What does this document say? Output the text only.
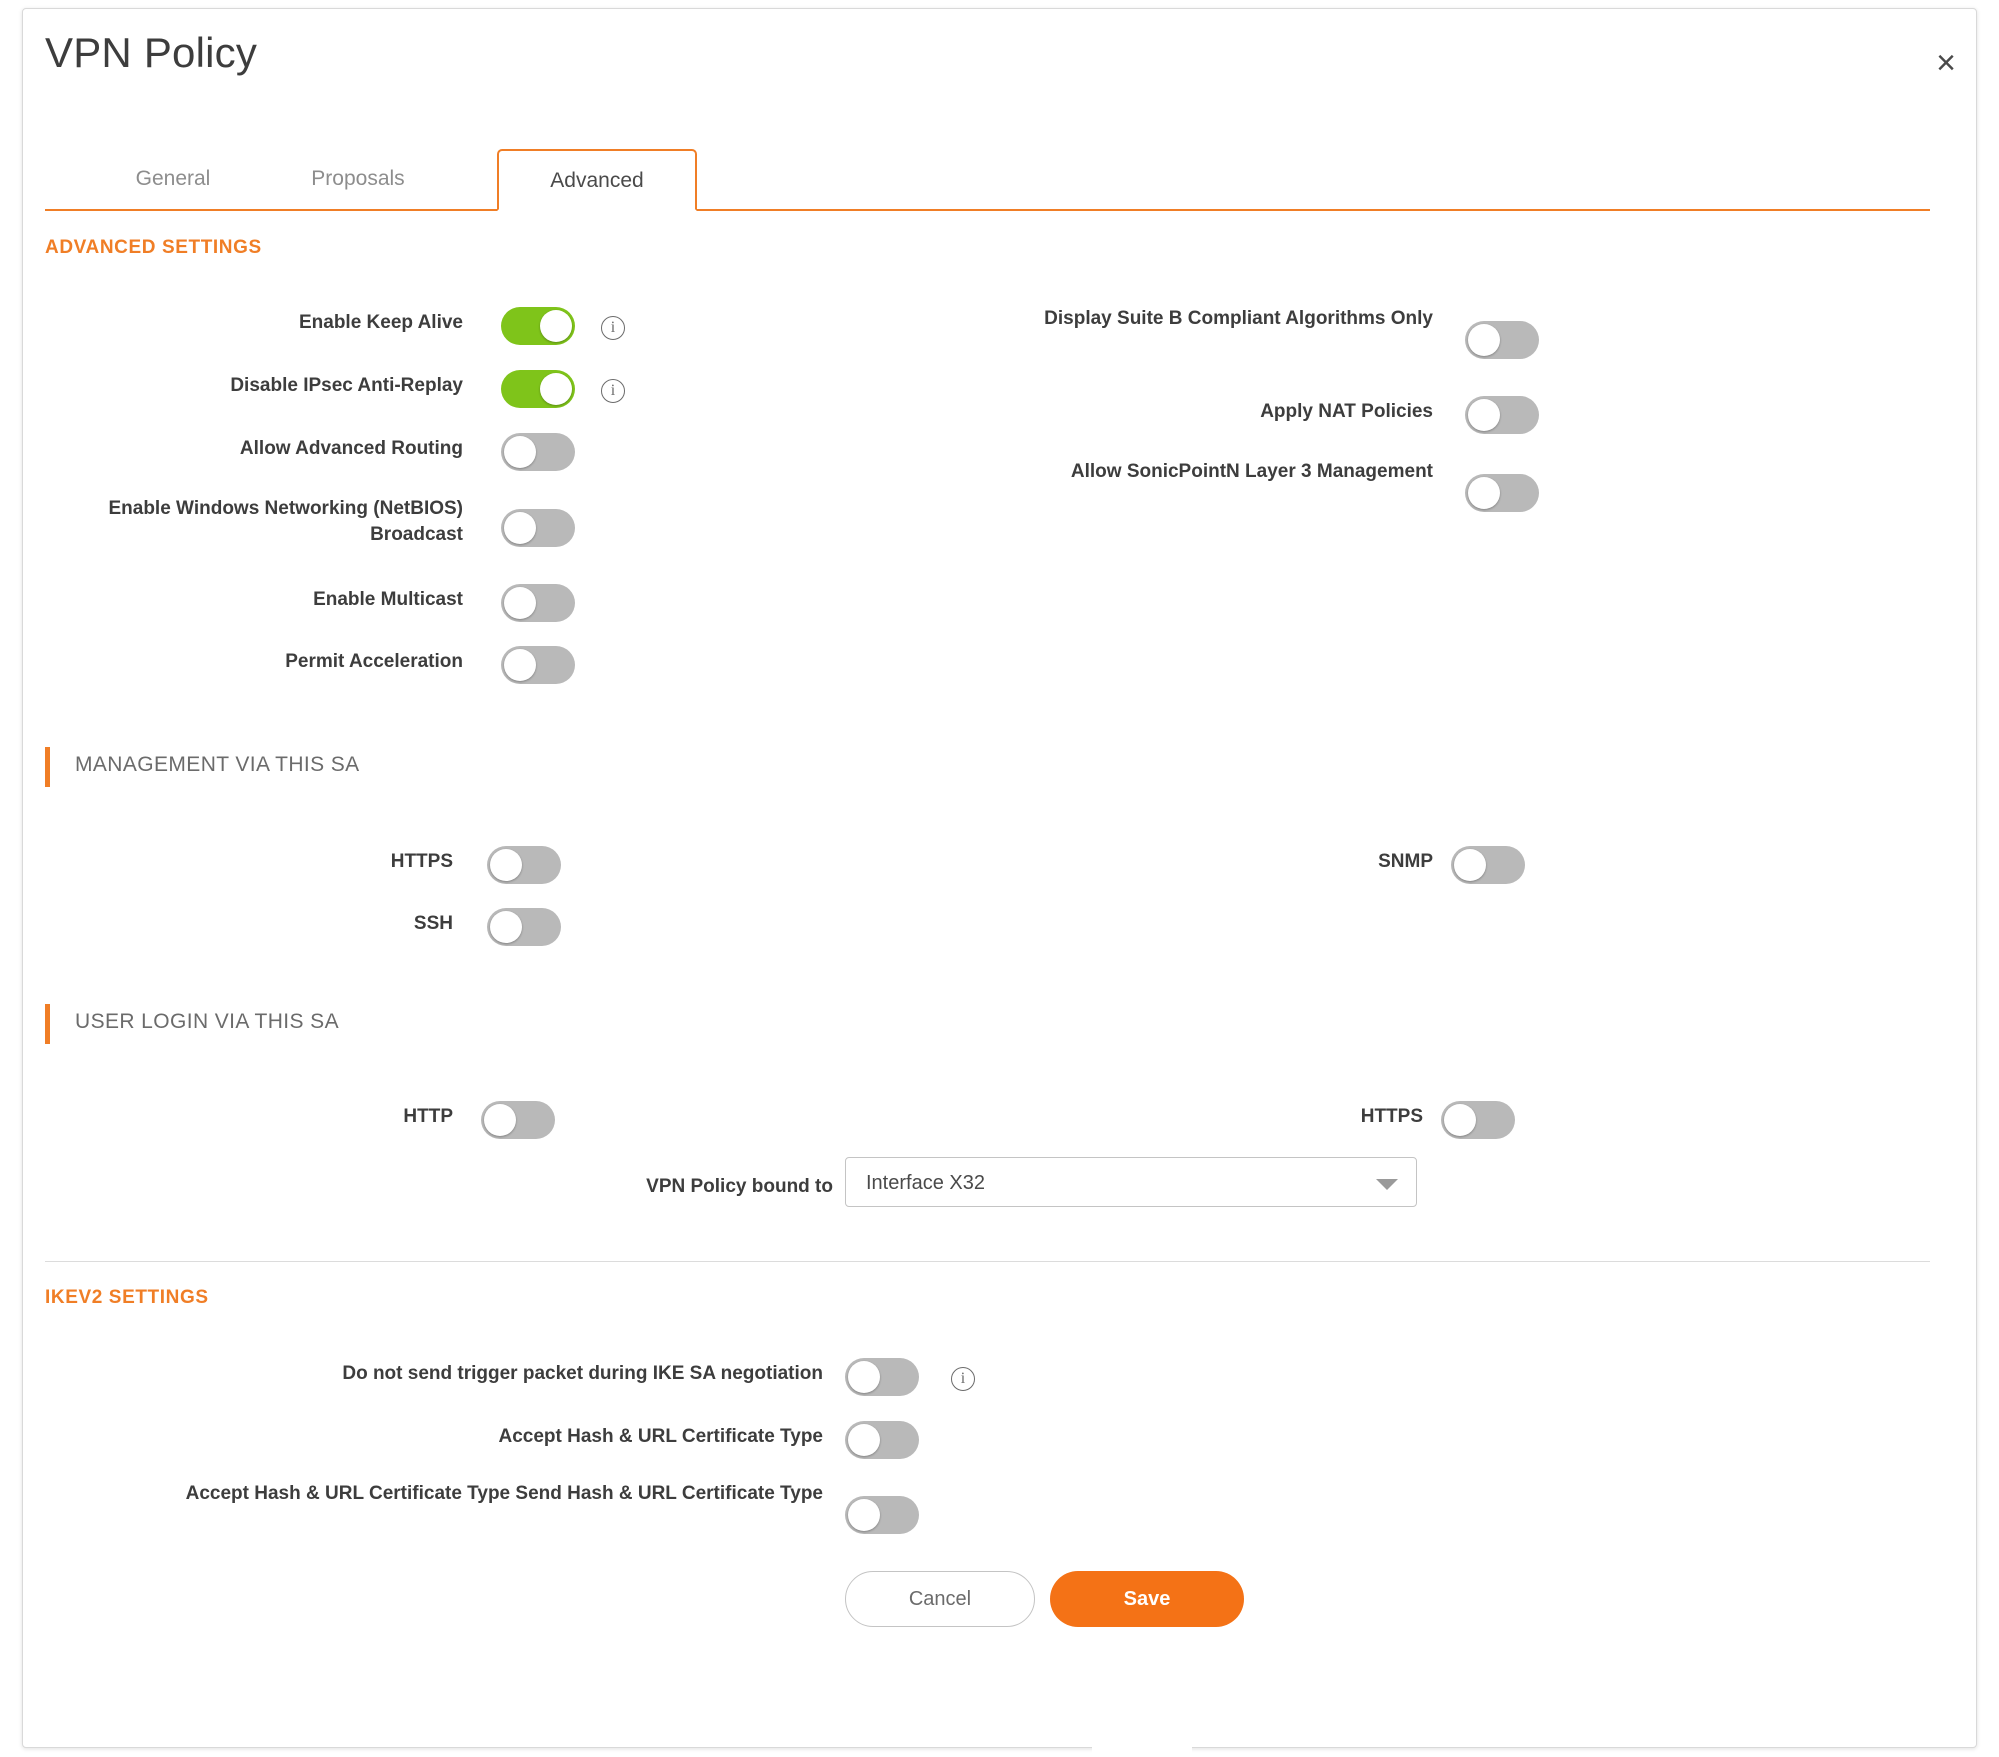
×
VPN Policy
General	Proposals	Advanced
ADVANCED SETTINGS
Enable Keep Alive	i
Disable IPsec Anti-Replay	i
Allow Advanced Routing
Enable Windows Networking (NetBIOS) Broadcast
Enable Multicast
Permit Acceleration
Display Suite B Compliant Algorithms Only
Apply NAT Policies
Allow SonicPointN Layer 3 Management
MANAGEMENT VIA THIS SA
HTTPS
SSH
SNMP
USER LOGIN VIA THIS SA
HTTP	HTTPS
VPN Policy bound to Interface X32
IKEV2 SETTINGS
Do not send trigger packet during IKE SA negotiation	i
Accept Hash & URL Certificate Type
Accept Hash & URL Certificate Type Send Hash & URL Certificate Type
Cancel	Save
